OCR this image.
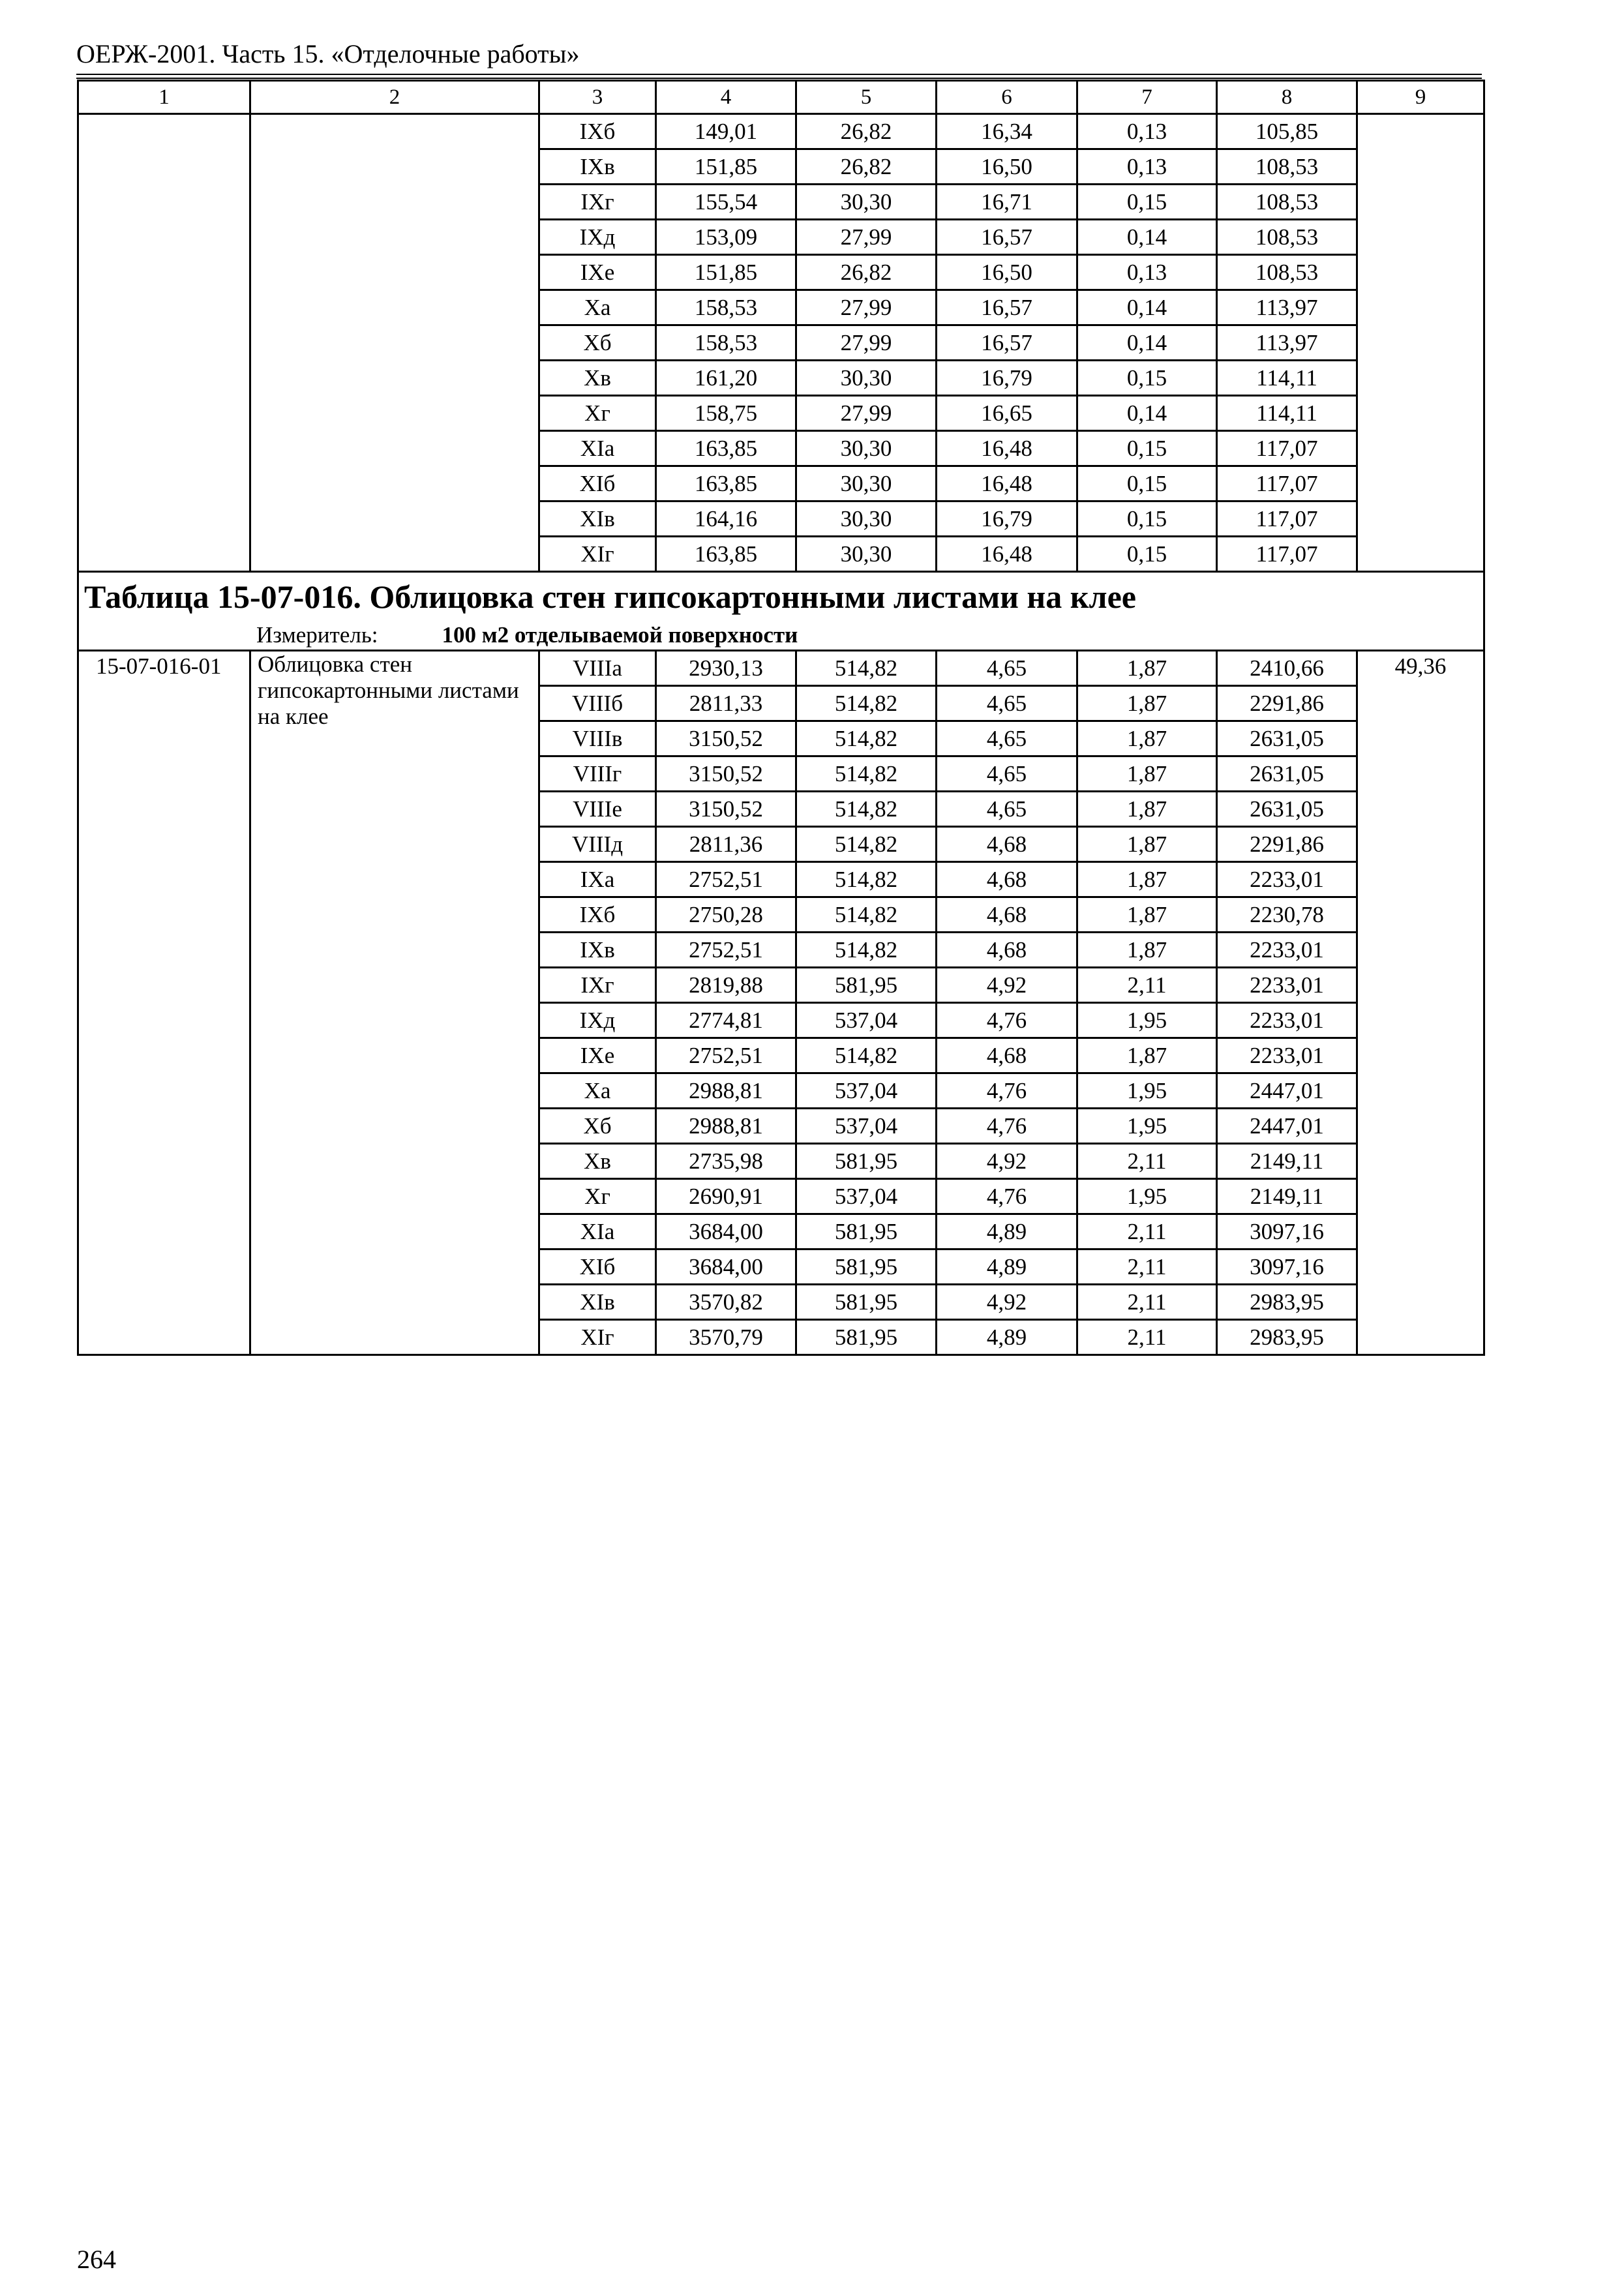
ОЕРЖ-2001. Часть 15. «Отделочные работы»
1	2	3	4	5	6	7	8	9
		IXб	149,01	26,82	16,34	0,13	105,85	
		IXв	151,85	26,82	16,50	0,13	108,53	
		IXг	155,54	30,30	16,71	0,15	108,53	
		IXд	153,09	27,99	16,57	0,14	108,53	
		IXе	151,85	26,82	16,50	0,13	108,53	
		Xа	158,53	27,99	16,57	0,14	113,97	
		Xб	158,53	27,99	16,57	0,14	113,97	
		Xв	161,20	30,30	16,79	0,15	114,11	
		Xг	158,75	27,99	16,65	0,14	114,11	
		XIа	163,85	30,30	16,48	0,15	117,07	
		XIб	163,85	30,30	16,48	0,15	117,07	
		XIв	164,16	30,30	16,79	0,15	117,07	
		XIг	163,85	30,30	16,48	0,15	117,07	
Таблица 15-07-016. Облицовка стен гипсокартонными листами на клее								
Измеритель: 100 м2 отделываемой поверхности								
15-07-016-01	Облицовка стен гипсокартонными листами на клее	VIIIа	2930,13	514,82	4,65	1,87	2410,66	49,36
		VIIIб	2811,33	514,82	4,65	1,87	2291,86	
		VIIIв	3150,52	514,82	4,65	1,87	2631,05	
		VIIIг	3150,52	514,82	4,65	1,87	2631,05	
		VIIIе	3150,52	514,82	4,65	1,87	2631,05	
		VIIIд	2811,36	514,82	4,68	1,87	2291,86	
		IXа	2752,51	514,82	4,68	1,87	2233,01	
		IXб	2750,28	514,82	4,68	1,87	2230,78	
		IXв	2752,51	514,82	4,68	1,87	2233,01	
		IXг	2819,88	581,95	4,92	2,11	2233,01	
		IXд	2774,81	537,04	4,76	1,95	2233,01	
		IXе	2752,51	514,82	4,68	1,87	2233,01	
		Xа	2988,81	537,04	4,76	1,95	2447,01	
		Xб	2988,81	537,04	4,76	1,95	2447,01	
		Xв	2735,98	581,95	4,92	2,11	2149,11	
		Xг	2690,91	537,04	4,76	1,95	2149,11	
		XIа	3684,00	581,95	4,89	2,11	3097,16	
		XIб	3684,00	581,95	4,89	2,11	3097,16	
		XIв	3570,82	581,95	4,92	2,11	2983,95	
		XIг	3570,79	581,95	4,89	2,11	2983,95	
264
